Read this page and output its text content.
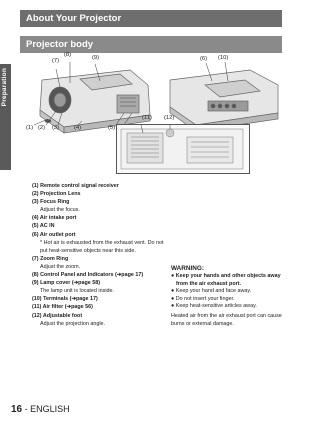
Preparation
About Your Projector
Projector body
(7)
(8)	(9)
(1) (2) (3)	(4)	(5)
(6) (10)
(11) (12)
(1) Remote control signal receiver
(2) Projection Lens
(3) Focus Ring
Adjust the focus.
(4) Air intake port
(5) AC IN
(6) Air outlet port
* Hot air is exhausted from the exhaust vent. Do not put heat-sensitive objects near this side.
(7) Zoom Ring
Adjust the zoom.
(8) Control Panel and Indicators (➔page 17)
(9) Lamp cover (➔page 58)
The lamp unit is located inside.
(10) Terminals (➔page 17)
(11) Air filter (➔page 56)
(12) Adjustable foot
Adjust the projection angle.
WARNING:
● Keep your hands and other objects away from the air exhaust port.
● Keep your hand and face away.
● Do not insert your finger.
● Keep heat-sensitive articles away.
Heated air from the air exhaust port can cause burns or external damage.
16 - ENGLISH
